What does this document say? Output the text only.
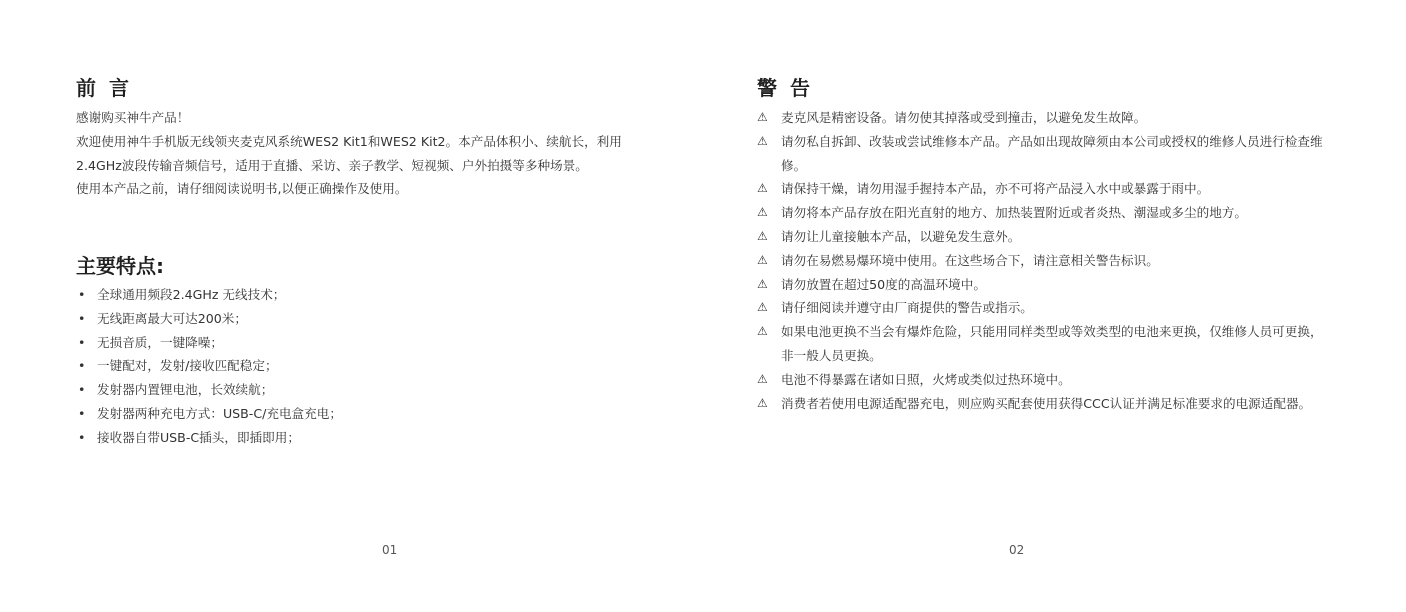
前 言

感谢购买神牛产品！

欢迎使用神牛手机版无线领夹麦克风系统WES2 Kit1和WES2 Kit2。本产品体积小、续航长，利用2.4GHz波段传输音频信号，适用于直播、采访、亲子教学、短视频、户外拍摄等多种场景。

使用本产品之前，请仔细阅读说明书,以便正确操作及使用。

主要特点:
• 全球通用频段2.4GHz 无线技术；
• 无线距离最大可达200米；
• 无损音质，一键降噪；
• 一键配对，发射/接收匹配稳定；
• 发射器内置锂电池，长效续航；
• 发射器两种充电方式：USB-C/充电盒充电；
• 接收器自带USB-C插头，即插即用；
01
警 告
⚠ 麦克风是精密设备。请勿使其掉落或受到撞击，以避免发生故障。
⚠ 请勿私自拆卸、改装或尝试维修本产品。产品如出现故障须由本公司或授权的维修人员进行检查维修。
⚠ 请保持干燥，请勿用湿手握持本产品，亦不可将产品浸入水中或暴露于雨中。
⚠ 请勿将本产品存放在阳光直射的地方、加热装置附近或者炎热、潮湿或多尘的地方。
⚠ 请勿让儿童接触本产品，以避免发生意外。
⚠ 请勿在易燃易爆环境中使用。在这些场合下，请注意相关警告标识。
⚠ 请勿放置在超过50度的高温环境中。
⚠ 请仔细阅读并遵守由厂商提供的警告或指示。
⚠ 如果电池更换不当会有爆炸危险，只能用同样类型或等效类型的电池来更换，仅维修人员可更换，非一般人员更换。
⚠ 电池不得暴露在诸如日照，火烤或类似过热环境中。
⚠ 消费者若使用电源适配器充电，则应购买配套使用获得CCC认证并满足标准要求的电源适配器。
02
